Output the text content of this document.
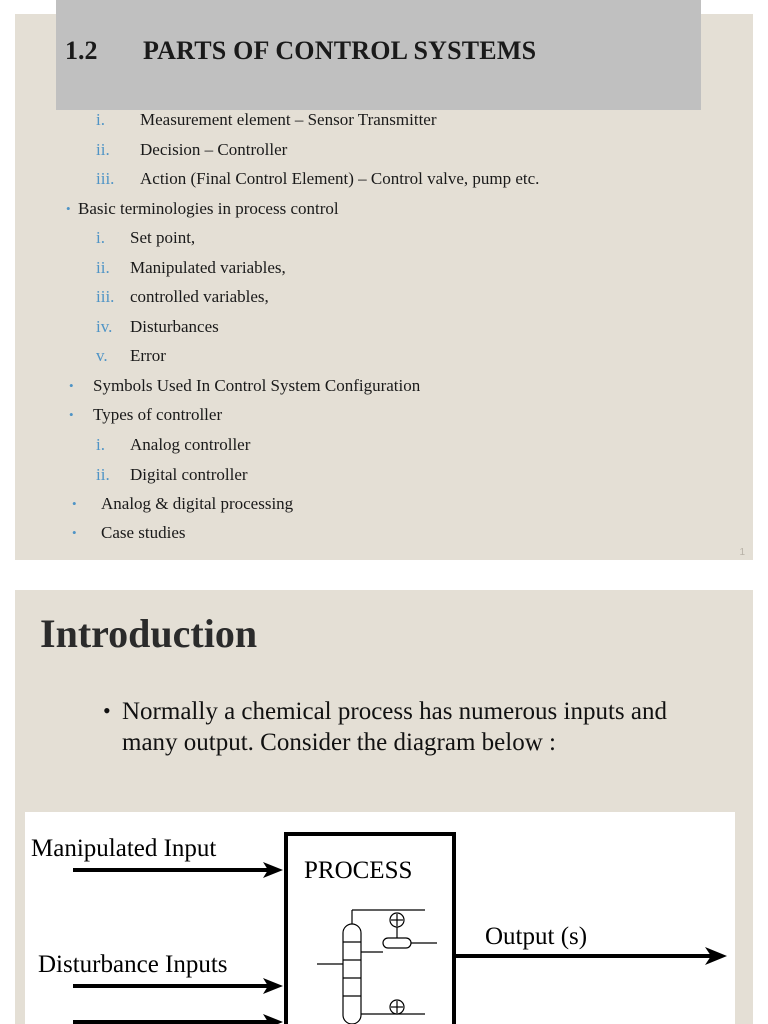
1.2 PARTS OF CONTROL SYSTEMS
i. Measurement element – Sensor Transmitter
ii. Decision – Controller
iii. Action (Final Control Element) – Control valve, pump etc.
• Basic terminologies in process control
i. Set point,
ii. Manipulated variables,
iii. controlled variables,
iv. Disturbances
v. Error
• Symbols Used In Control System Configuration
• Types of controller
i. Analog controller
ii. Digital controller
• Analog & digital processing
• Case studies
1
Introduction
• Normally a chemical process has numerous inputs and many output. Consider the diagram below :
Manipulated Input
Disturbance Inputs
PROCESS
Output (s)
